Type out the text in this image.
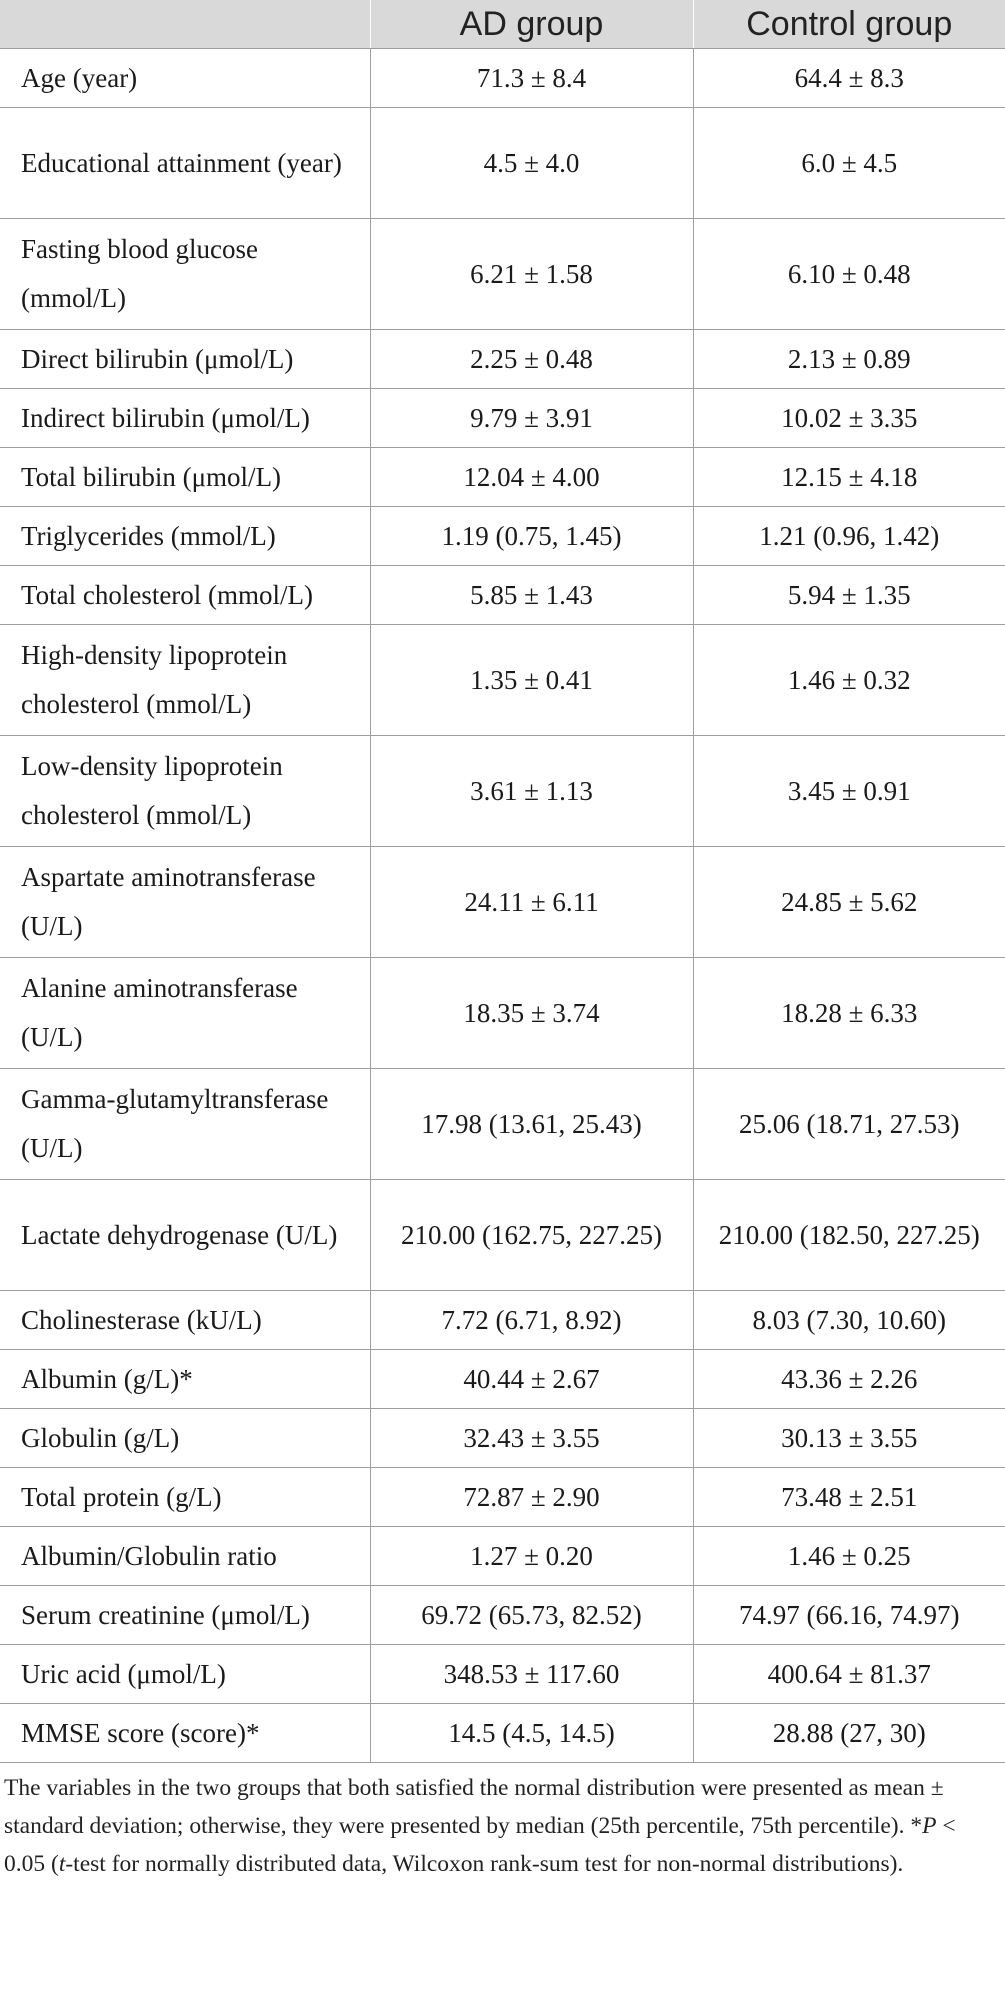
	AD group	Control group
Age (year)	71.3 ± 8.4	64.4 ± 8.3
Educational attainment (year)	4.5 ± 4.0	6.0 ± 4.5
Fasting blood glucose (mmol/L)	6.21 ± 1.58	6.10 ± 0.48
Direct bilirubin (μmol/L)	2.25 ± 0.48	2.13 ± 0.89
Indirect bilirubin (μmol/L)	9.79 ± 3.91	10.02 ± 3.35
Total bilirubin (μmol/L)	12.04 ± 4.00	12.15 ± 4.18
Triglycerides (mmol/L)	1.19 (0.75, 1.45)	1.21 (0.96, 1.42)
Total cholesterol (mmol/L)	5.85 ± 1.43	5.94 ± 1.35
High-density lipoprotein cholesterol (mmol/L)	1.35 ± 0.41	1.46 ± 0.32
Low-density lipoprotein cholesterol (mmol/L)	3.61 ± 1.13	3.45 ± 0.91
Aspartate aminotransferase (U/L)	24.11 ± 6.11	24.85 ± 5.62
Alanine aminotransferase (U/L)	18.35 ± 3.74	18.28 ± 6.33
Gamma-glutamyltransferase (U/L)	17.98 (13.61, 25.43)	25.06 (18.71, 27.53)
Lactate dehydrogenase (U/L)	210.00 (162.75, 227.25)	210.00 (182.50, 227.25)
Cholinesterase (kU/L)	7.72 (6.71, 8.92)	8.03 (7.30, 10.60)
Albumin (g/L)*	40.44 ± 2.67	43.36 ± 2.26
Globulin (g/L)	32.43 ± 3.55	30.13 ± 3.55
Total protein (g/L)	72.87 ± 2.90	73.48 ± 2.51
Albumin/Globulin ratio	1.27 ± 0.20	1.46 ± 0.25
Serum creatinine (μmol/L)	69.72 (65.73, 82.52)	74.97 (66.16, 74.97)
Uric acid (μmol/L)	348.53 ± 117.60	400.64 ± 81.37
MMSE score (score)*	14.5 (4.5, 14.5)	28.88 (27, 30)
The variables in the two groups that both satisfied the normal distribution were presented as mean ± standard deviation; otherwise, they were presented by median (25th percentile, 75th percentile). *P < 0.05 (t-test for normally distributed data, Wilcoxon rank-sum test for non-normal distributions).
